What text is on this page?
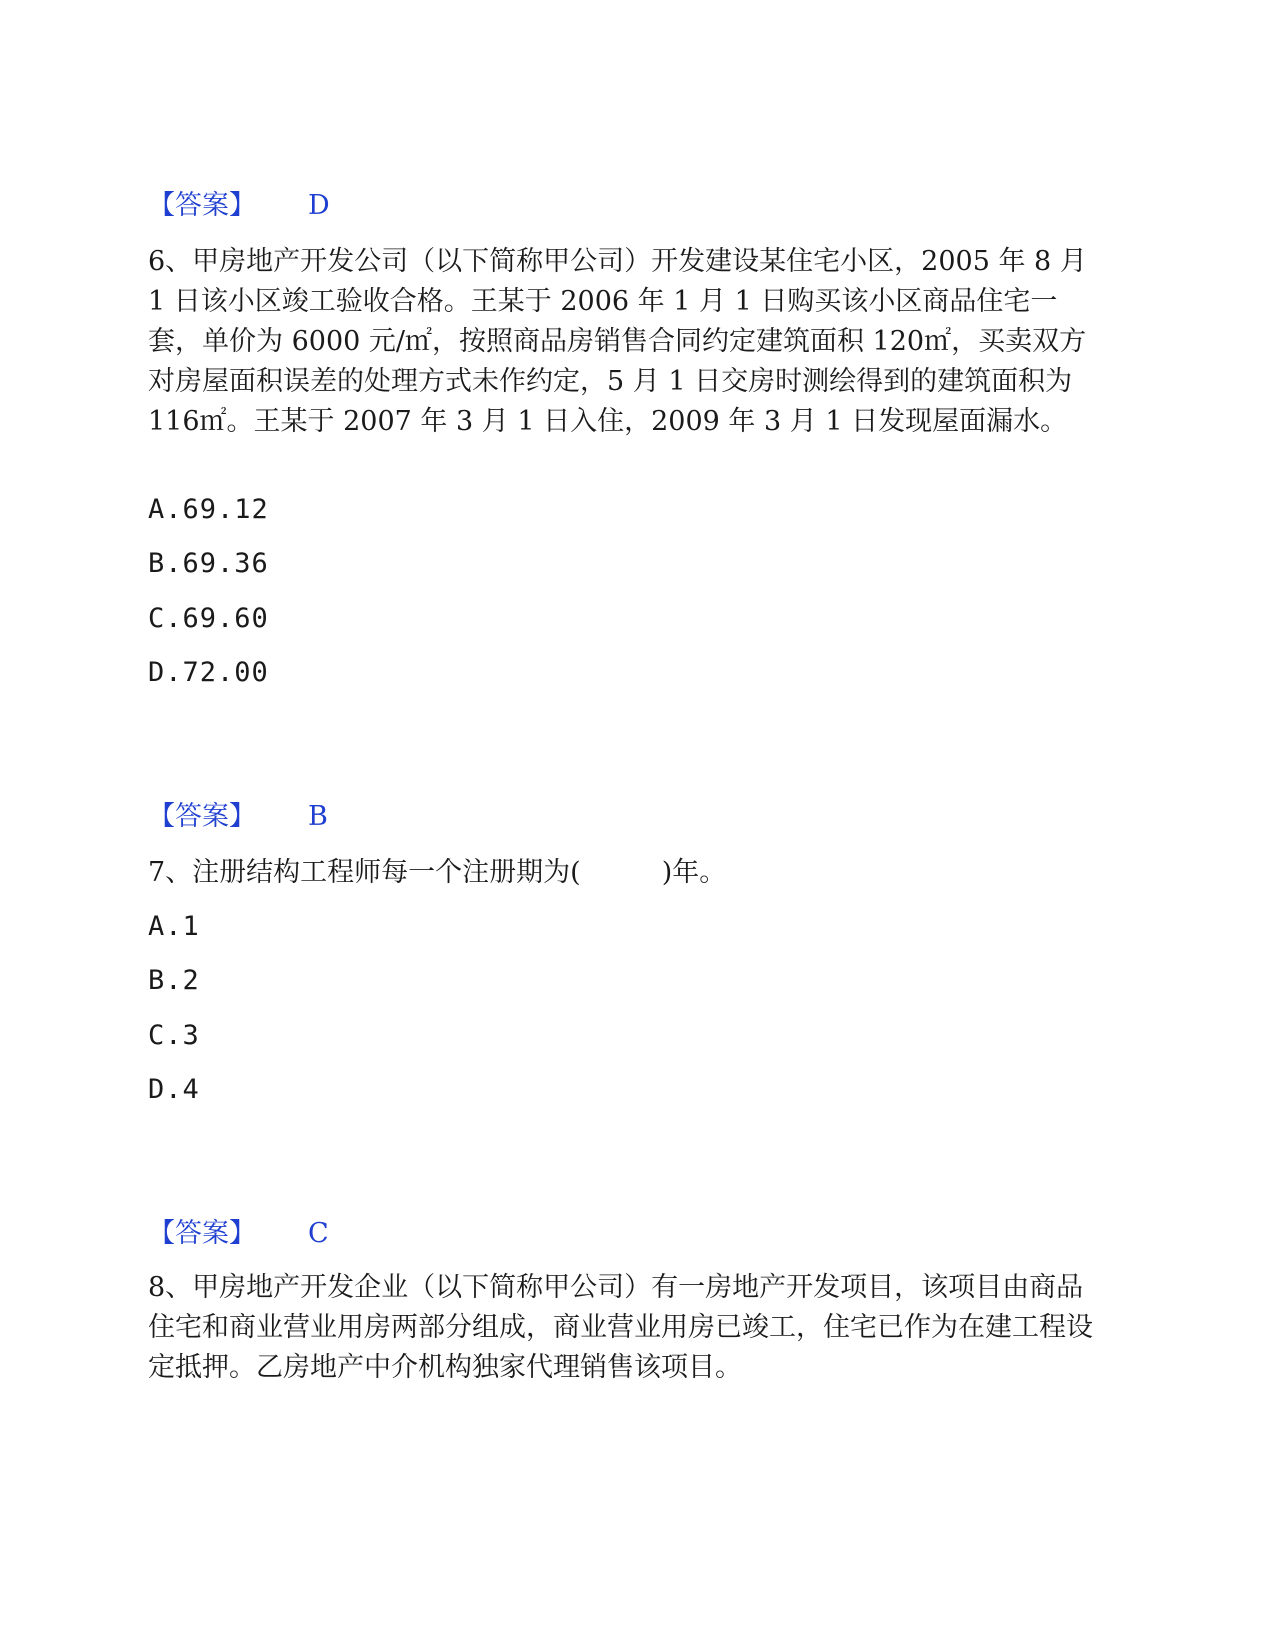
【答案】 D
6、甲房地产开发公司（以下简称甲公司）开发建设某住宅小区，2005 年 8 月 1 日该小区竣工验收合格。王某于 2006 年 1 月 1 日购买该小区商品住宅一套，单价为 6000 元/㎡，按照商品房销售合同约定建筑面积 120㎡，买卖双方对房屋面积误差的处理方式未作约定，5 月 1 日交房时测绘得到的建筑面积为 116㎡。王某于 2007 年 3 月 1 日入住，2009 年 3 月 1 日发现屋面漏水。
A.69.12
B.69.36
C.69.60
D.72.00
【答案】 B
7、注册结构工程师每一个注册期为(　　　)年。
A.1
B.2
C.3
D.4
【答案】 C
8、甲房地产开发企业（以下简称甲公司）有一房地产开发项目，该项目由商品住宅和商业营业用房两部分组成，商业营业用房已竣工，住宅已作为在建工程设定抵押。乙房地产中介机构独家代理销售该项目。
